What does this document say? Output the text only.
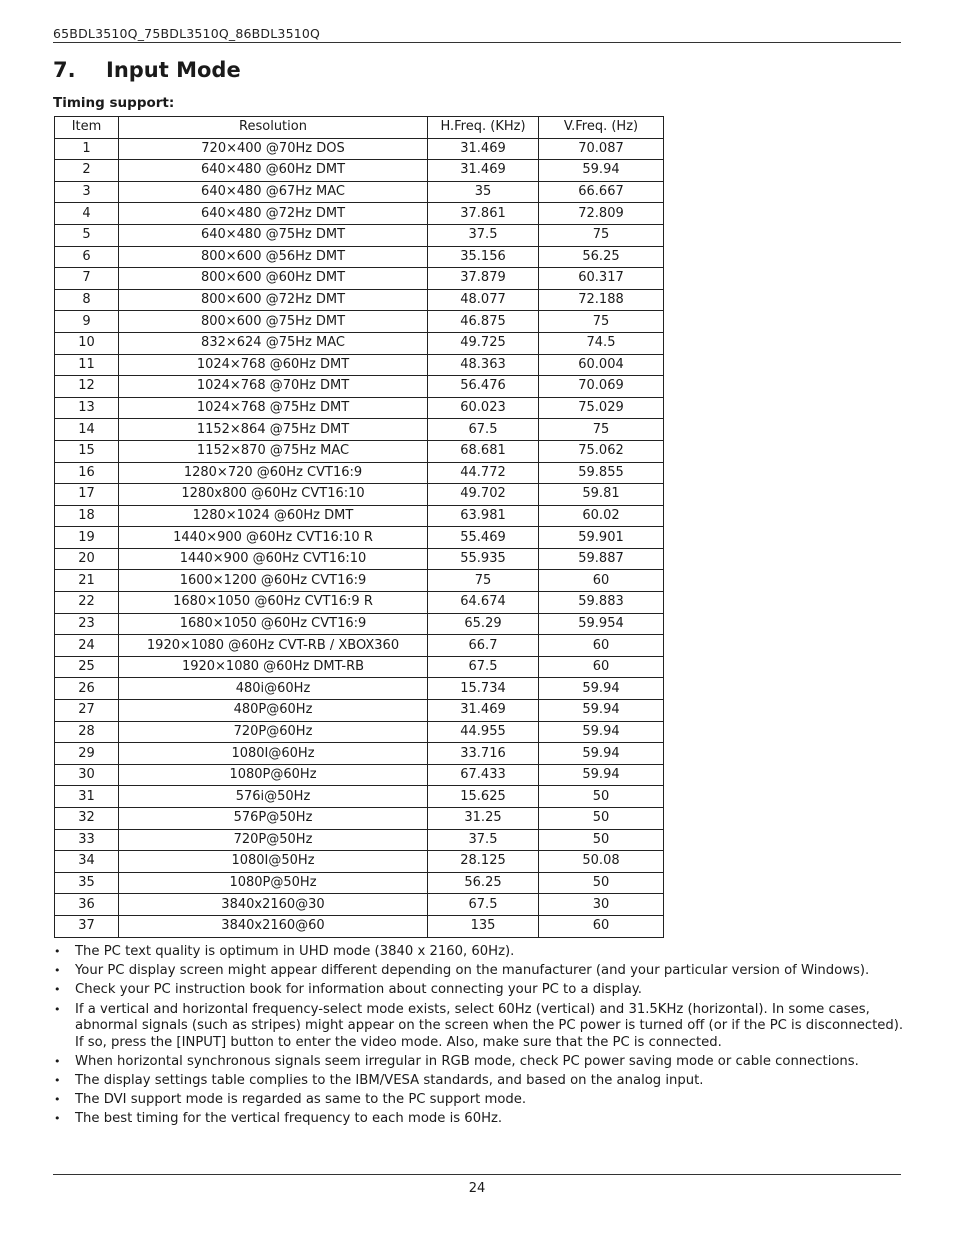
65BDL3510Q_75BDL3510Q_86BDL3510Q
7. Input Mode
Timing support:
Item	Resolution	H.Freq. (KHz)	V.Freq. (Hz)
1	720×400 @70Hz DOS	31.469	70.087
2	640×480 @60Hz DMT	31.469	59.94
3	640×480 @67Hz MAC	35	66.667
4	640×480 @72Hz DMT	37.861	72.809
5	640×480 @75Hz DMT	37.5	75
6	800×600 @56Hz DMT	35.156	56.25
7	800×600 @60Hz DMT	37.879	60.317
8	800×600 @72Hz DMT	48.077	72.188
9	800×600 @75Hz DMT	46.875	75
10	832×624 @75Hz MAC	49.725	74.5
11	1024×768 @60Hz DMT	48.363	60.004
12	1024×768 @70Hz DMT	56.476	70.069
13	1024×768 @75Hz DMT	60.023	75.029
14	1152×864 @75Hz DMT	67.5	75
15	1152×870 @75Hz MAC	68.681	75.062
16	1280×720 @60Hz CVT16:9	44.772	59.855
17	1280x800 @60Hz CVT16:10	49.702	59.81
18	1280×1024 @60Hz DMT	63.981	60.02
19	1440×900 @60Hz CVT16:10 R	55.469	59.901
20	1440×900 @60Hz CVT16:10	55.935	59.887
21	1600×1200 @60Hz CVT16:9	75	60
22	1680×1050 @60Hz CVT16:9 R	64.674	59.883
23	1680×1050 @60Hz CVT16:9	65.29	59.954
24	1920×1080 @60Hz CVT-RB / XBOX360	66.7	60
25	1920×1080 @60Hz DMT-RB	67.5	60
26	480i@60Hz	15.734	59.94
27	480P@60Hz	31.469	59.94
28	720P@60Hz	44.955	59.94
29	1080I@60Hz	33.716	59.94
30	1080P@60Hz	67.433	59.94
31	576i@50Hz	15.625	50
32	576P@50Hz	31.25	50
33	720P@50Hz	37.5	50
34	1080I@50Hz	28.125	50.08
35	1080P@50Hz	56.25	50
36	3840x2160@30	67.5	30
37	3840x2160@60	135	60
• The PC text quality is optimum in UHD mode (3840 x 2160, 60Hz).
• Your PC display screen might appear different depending on the manufacturer (and your particular version of Windows).
• Check your PC instruction book for information about connecting your PC to a display.
• If a vertical and horizontal frequency-select mode exists, select 60Hz (vertical) and 31.5KHz (horizontal). In some cases, abnormal signals (such as stripes) might appear on the screen when the PC power is turned off (or if the PC is disconnected). If so, press the [INPUT] button to enter the video mode. Also, make sure that the PC is connected.
• When horizontal synchronous signals seem irregular in RGB mode, check PC power saving mode or cable connections.
• The display settings table complies to the IBM/VESA standards, and based on the analog input.
• The DVI support mode is regarded as same to the PC support mode.
• The best timing for the vertical frequency to each mode is 60Hz.
24
